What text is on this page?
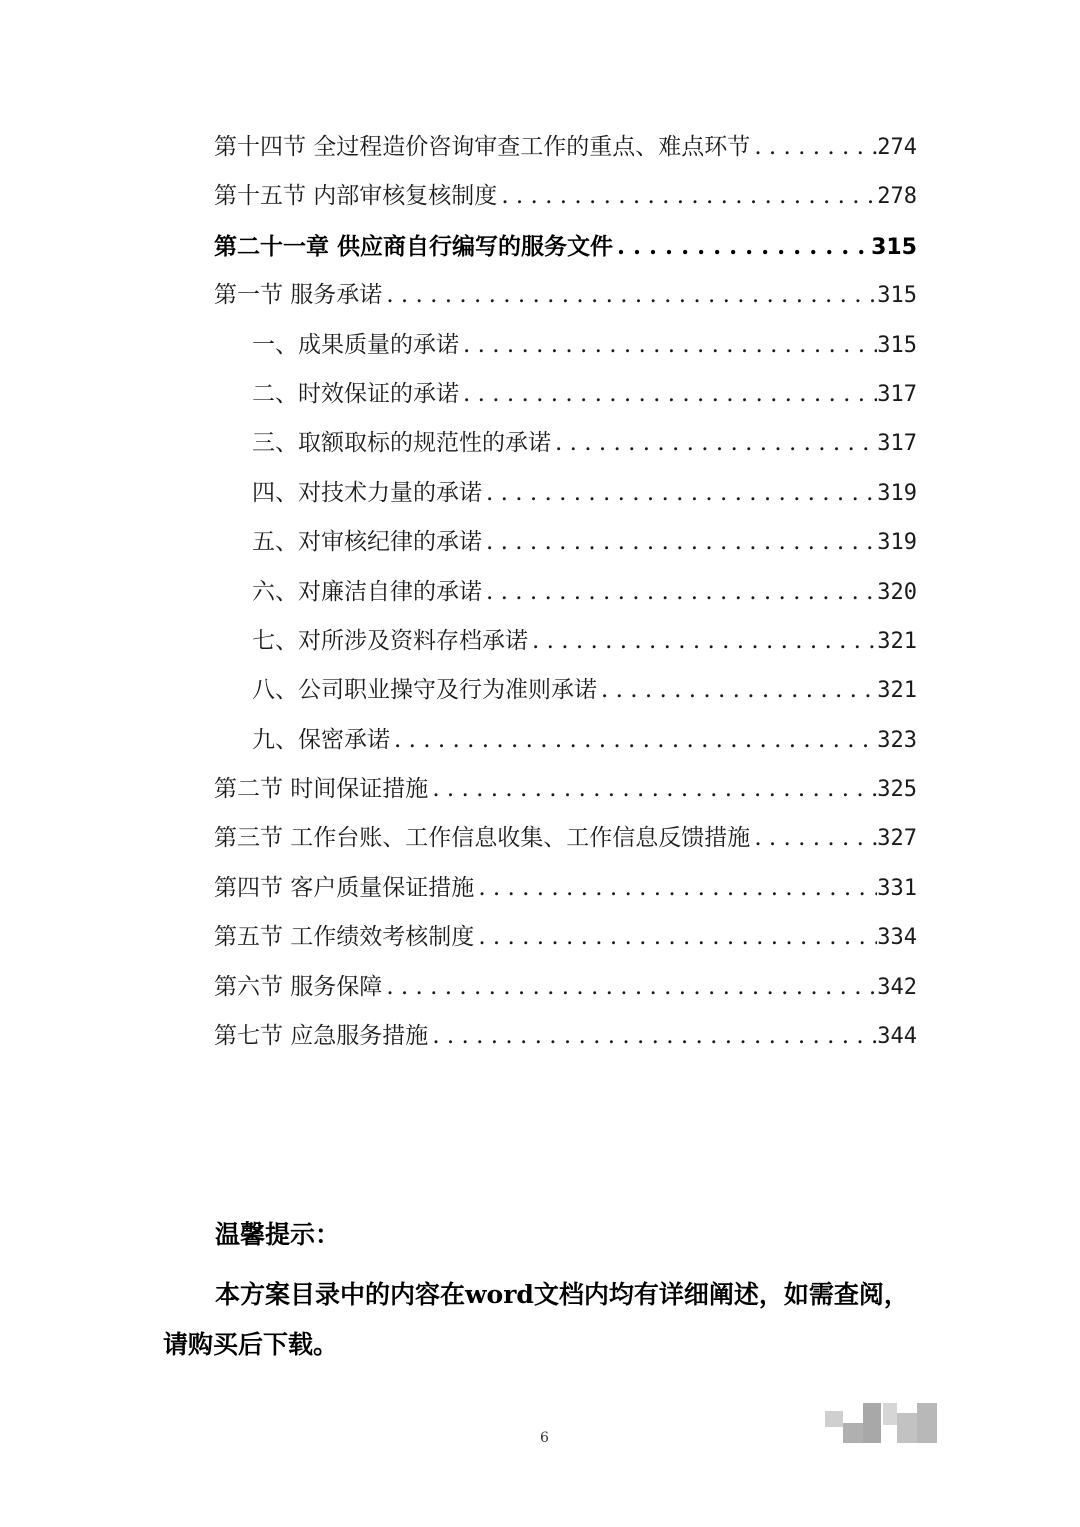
第十四节 全过程造价咨询审查工作的重点、难点环节 . . .	274
第十五节 内部审核复核制度 . . .	278
第二十一章 供应商自行编写的服务文件 . . .	315
第一节 服务承诺 . . .	315
一、成果质量的承诺 . . .	315
二、时效保证的承诺 . . .	317
三、取额取标的规范性的承诺 . . .	317
四、对技术力量的承诺 . . .	319
五、对审核纪律的承诺 . . .	319
六、对廉洁自律的承诺 . . .	320
七、对所涉及资料存档承诺 . . .	321
八、公司职业操守及行为准则承诺 . . .	321
九、保密承诺 . . .	323
第二节 时间保证措施 . . .	325
第三节 工作台账、工作信息收集、工作信息反馈措施 . . .	327
第四节 客户质量保证措施 . . .	331
第五节 工作绩效考核制度 . . .	334
第六节 服务保障 . . .	342
第七节 应急服务措施 . . .	344
温馨提示：
本方案目录中的内容在word文档内均有详细阐述，如需查阅，请购买后下载。
6
